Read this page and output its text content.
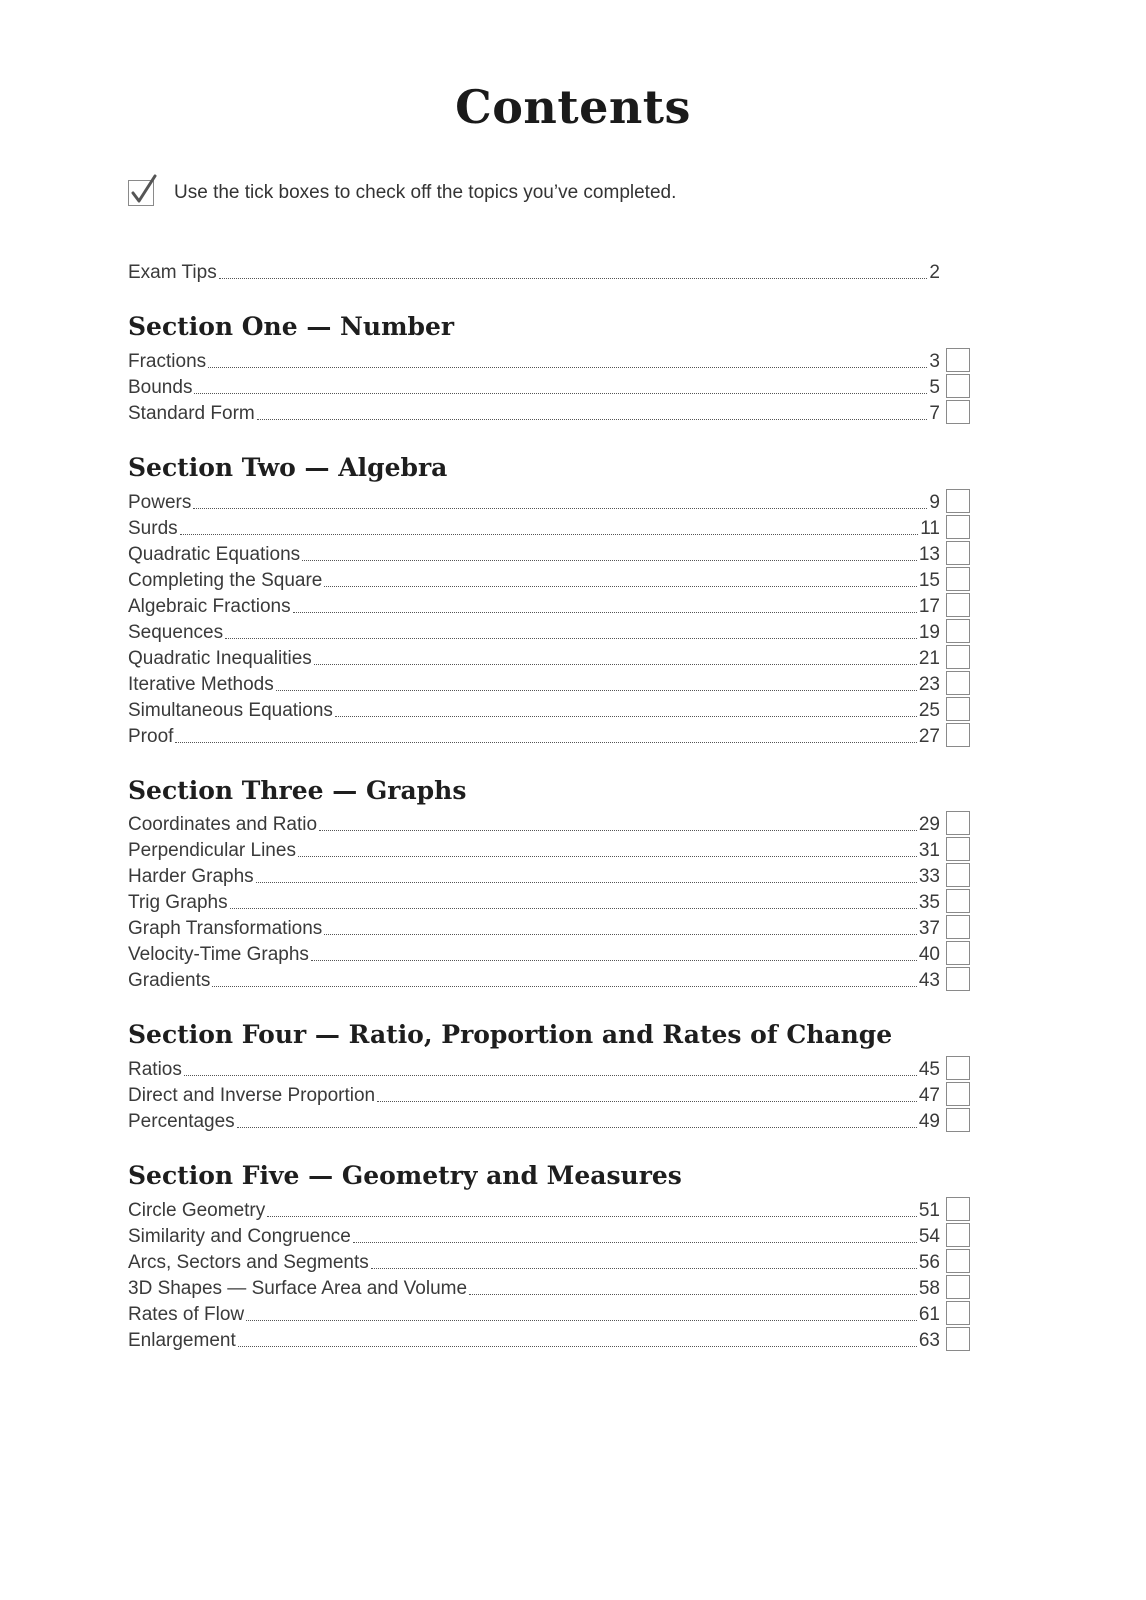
Contents
Use the tick boxes to check off the topics you’ve completed.
Exam Tips	2
Section One — Number
Fractions	3
Bounds	5
Standard Form	7
Section Two — Algebra
Powers	9
Surds	11
Quadratic Equations	13
Completing the Square	15
Algebraic Fractions	17
Sequences	19
Quadratic Inequalities	21
Iterative Methods	23
Simultaneous Equations	25
Proof	27
Section Three — Graphs
Coordinates and Ratio	29
Perpendicular Lines	31
Harder Graphs	33
Trig Graphs	35
Graph Transformations	37
Velocity-Time Graphs	40
Gradients	43
Section Four — Ratio, Proportion and Rates of Change
Ratios	45
Direct and Inverse Proportion	47
Percentages	49
Section Five — Geometry and Measures
Circle Geometry	51
Similarity and Congruence	54
Arcs, Sectors and Segments	56
3D Shapes — Surface Area and Volume	58
Rates of Flow	61
Enlargement	63
